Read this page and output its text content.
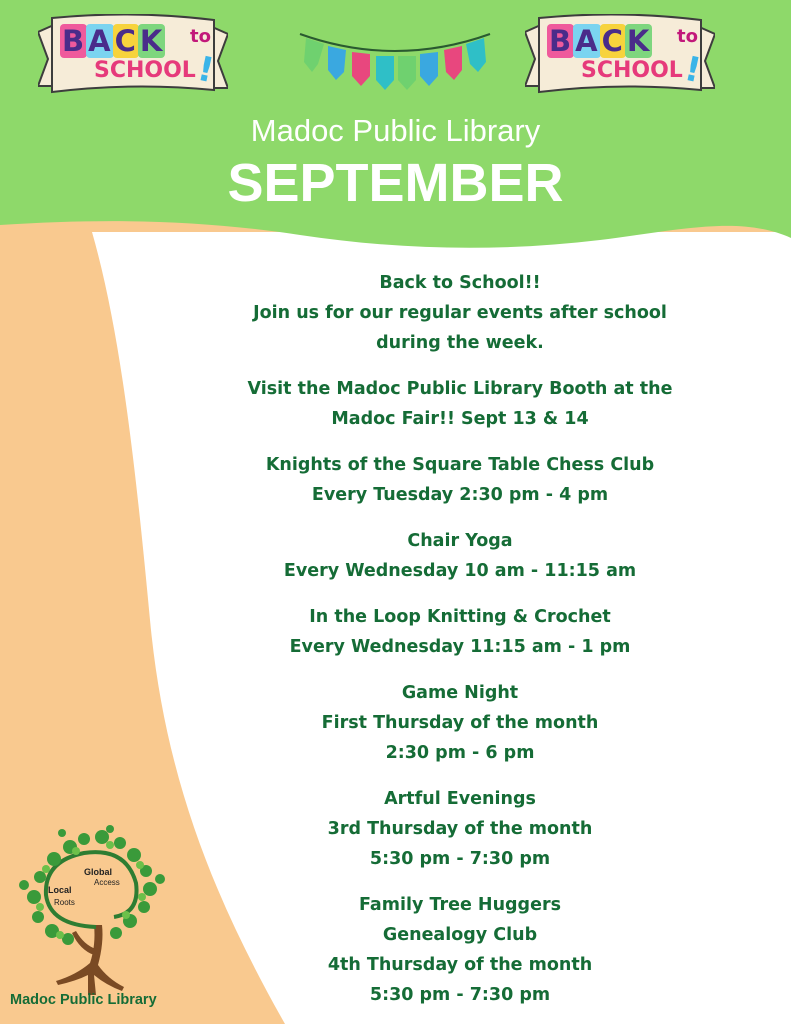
B A C K to
SCHOOL
!
B A C K to
SCHOOL
!
Madoc Public Library
SEPTEMBER
Back to School!!
Join us for our regular events after school
during the week.
Visit the Madoc Public Library Booth at the
Madoc Fair!! Sept 13 & 14
Knights of the Square Table Chess Club
Every Tuesday 2:30 pm - 4 pm
Chair Yoga
Every Wednesday 10 am - 11:15 am
In the Loop Knitting & Crochet
Every Wednesday 11:15 am - 1 pm
Game Night
First Thursday of the month
2:30 pm - 6 pm
Artful Evenings
3rd Thursday of the month
5:30 pm - 7:30 pm
Family Tree Huggers
Genealogy Club
4th Thursday of the month
5:30 pm - 7:30 pm
Global
Access
Local
Roots
Madoc Public Library
